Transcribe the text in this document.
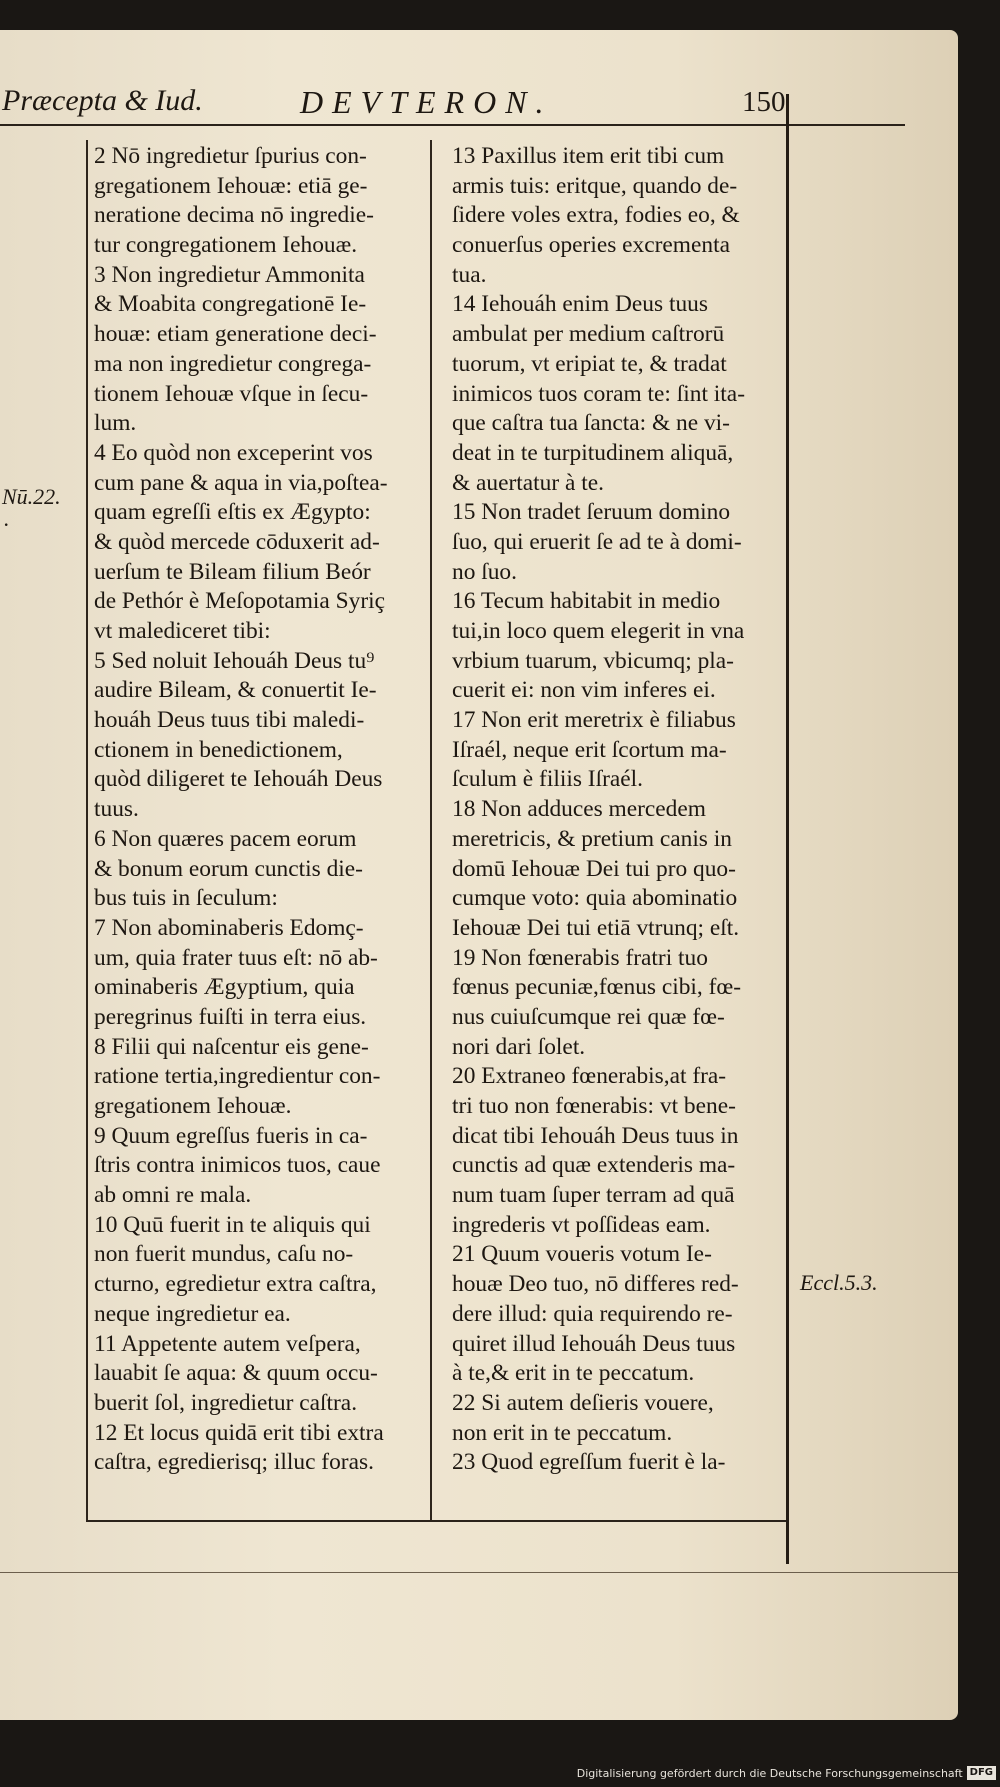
Præcepta & Iud.	DEVTERON.	150
Nū.22.
.
Eccl.5.3.
2 Nō ingredietur ſpurius con-
gregationem Iehouæ: etiā ge-
neratione decima nō ingredie-
tur congregationem Iehouæ.
3 Non ingredietur Ammonita
& Moabita congregationē Ie-
houæ: etiam generatione deci-
ma non ingredietur congrega-
tionem Iehouæ vſque in ſecu-
lum.
4 Eo quòd non exceperint vos
cum pane & aqua in via,poſtea-
quam egreſſi eſtis ex Ægypto:
& quòd mercede cōduxerit ad-
uerſum te Bileam filium Beór
de Pethór è Meſopotamia Syriç
vt malediceret tibi:
5 Sed noluit Iehouáh Deus tu⁹
audire Bileam, & conuertit Ie-
houáh Deus tuus tibi maledi-
ctionem in benedictionem,
quòd diligeret te Iehouáh Deus
tuus.
6 Non quæres pacem eorum
& bonum eorum cunctis die-
bus tuis in ſeculum:
7 Non abominaberis Edomç-
um, quia frater tuus eſt: nō ab-
ominaberis Ægyptium, quia
peregrinus fuiſti in terra eius.
8 Filii qui naſcentur eis gene-
ratione tertia,ingredientur con-
gregationem Iehouæ.
9 Quum egreſſus fueris in ca-
ſtris contra inimicos tuos, caue
ab omni re mala.
10 Quū fuerit in te aliquis qui
non fuerit mundus, caſu no-
cturno, egredietur extra caſtra,
neque ingredietur ea.
11 Appetente autem veſpera,
lauabit ſe aqua: & quum occu-
buerit ſol, ingredietur caſtra.
12 Et locus quidā erit tibi extra
caſtra, egredierisq; illuc foras.
13 Paxillus item erit tibi cum
armis tuis: eritque, quando de-
ſidere voles extra, fodies eo, &
conuerſus operies excrementa
tua.
14 Iehouáh enim Deus tuus
ambulat per medium caſtrorū
tuorum, vt eripiat te, & tradat
inimicos tuos coram te: ſint ita-
que caſtra tua ſancta: & ne vi-
deat in te turpitudinem aliquā,
& auertatur à te.
15 Non tradet ſeruum domino
ſuo, qui eruerit ſe ad te à domi-
no ſuo.
16 Tecum habitabit in medio
tui,in loco quem elegerit in vna
vrbium tuarum, vbicumq; pla-
cuerit ei: non vim inferes ei.
17 Non erit meretrix è filiabus
Iſraél, neque erit ſcortum ma-
ſculum è filiis Iſraél.
18 Non adduces mercedem
meretricis, & pretium canis in
domū Iehouæ Dei tui pro quo-
cumque voto: quia abominatio
Iehouæ Dei tui etiā vtrunq; eſt.
19 Non fœnerabis fratri tuo
fœnus pecuniæ,fœnus cibi, fœ-
nus cuiuſcumque rei quæ fœ-
nori dari ſolet.
20 Extraneo fœnerabis,at fra-
tri tuo non fœnerabis: vt bene-
dicat tibi Iehouáh Deus tuus in
cunctis ad quæ extenderis ma-
num tuam ſuper terram ad quā
ingrederis vt poſſideas eam.
21 Quum voueris votum Ie-
houæ Deo tuo, nō differes red-
dere illud: quia requirendo re-
quiret illud Iehouáh Deus tuus
à te,& erit in te peccatum.
22 Si autem deſieris vouere,
non erit in te peccatum.
23 Quod egreſſum fuerit è la-
Digitalisierung gefördert durch die Deutsche Forschungsgemeinschaft DFG
